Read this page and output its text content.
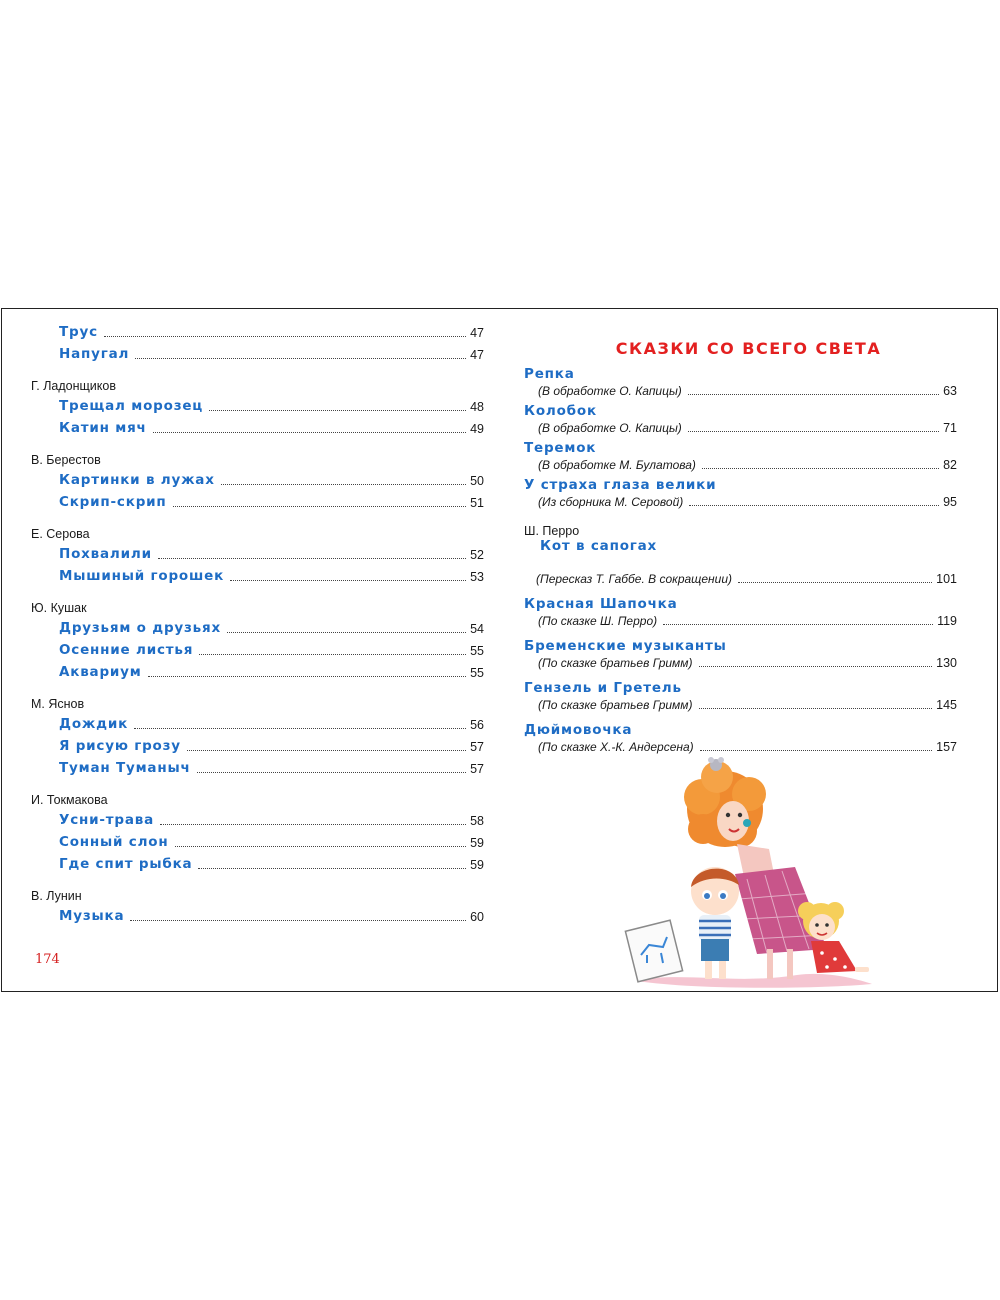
Трус	47
Напугал	47
Г. Ладонщиков
Трещал морозец	48
Катин мяч	49
В. Берестов
Картинки в лужах	50
Скрип-скрип	51
Е. Серова
Похвалили	52
Мышиный горошек	53
Ю. Кушак
Друзьям о друзьях	54
Осенние листья	55
Аквариум	55
М. Яснов
Дождик	56
Я рисую грозу	57
Туман Туманыч	57
И. Токмакова
Усни-трава	58
Сонный слон	59
Где спит рыбка	59
В. Лунин
Музыка	60
174
СКАЗКИ СО ВСЕГО СВЕТА
Репка
(В обработке О. Капицы)	63
Колобок
(В обработке О. Капицы)	71
Теремок
(В обработке М. Булатова)	82
У страха глаза велики
(Из сборника М. Серовой)	95
Ш. Перро
Кот в сапогах
(Пересказ Т. Габбе. В сокращении)	101
Красная Шапочка
(По сказке Ш. Перро)	119
Бременские музыканты
(По сказке братьев Гримм)	130
Гензель и Гретель
(По сказке братьев Гримм)	145
Дюймовочка
(По сказке Х.-К. Андерсена)	157
